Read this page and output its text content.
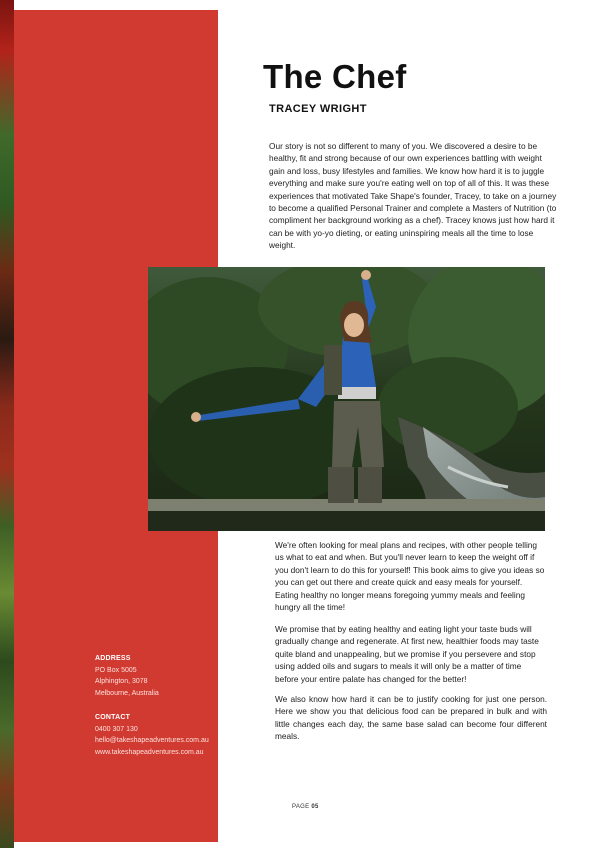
The Chef
TRACEY WRIGHT

Our story is not so different to many of you. We discovered a desire to be healthy, fit and strong because of our own experiences battling with weight gain and loss, busy lifestyles and families. We know how hard it is to juggle everything and make sure you're eating well on top of all of this. It was these experiences that motivated Take Shape's founder, Tracey, to take on a journey to become a qualified Personal Trainer and complete a Masters of Nutrition (to compliment her background working as a chef). Tracey knows just how hard it can be with yo-yo dieting, or eating uninspiring meals all the time to lose weight.

We're often looking for meal plans and recipes, with other people telling us what to eat and when. But you'll never learn to keep the weight off if you don't learn to do this for yourself! This book aims to give you ideas so you can get out there and create quick and easy meals for yourself. Eating healthy no longer means foregoing yummy meals and feeling hungry all the time!

We promise that by eating healthy and eating light your taste buds will gradually change and regenerate. At first new, healthier foods may taste quite bland and unappealing, but we promise if you persevere and stop using added oils and sugars to meals it will only be a matter of time before your entire palate has changed for the better!

We also know how hard it can be to justify cooking for just one person. Here we show you that delicious food can be prepared in bulk and with little changes each day, the same base salad can become four different meals.

ADDRESS
PO Box 5005
Alphington, 3078
Melbourne, Australia
CONTACT
0400 307 130
hello@takeshapeadventures.com.au
www.takeshapeadventures.com.au
PAGE 05
